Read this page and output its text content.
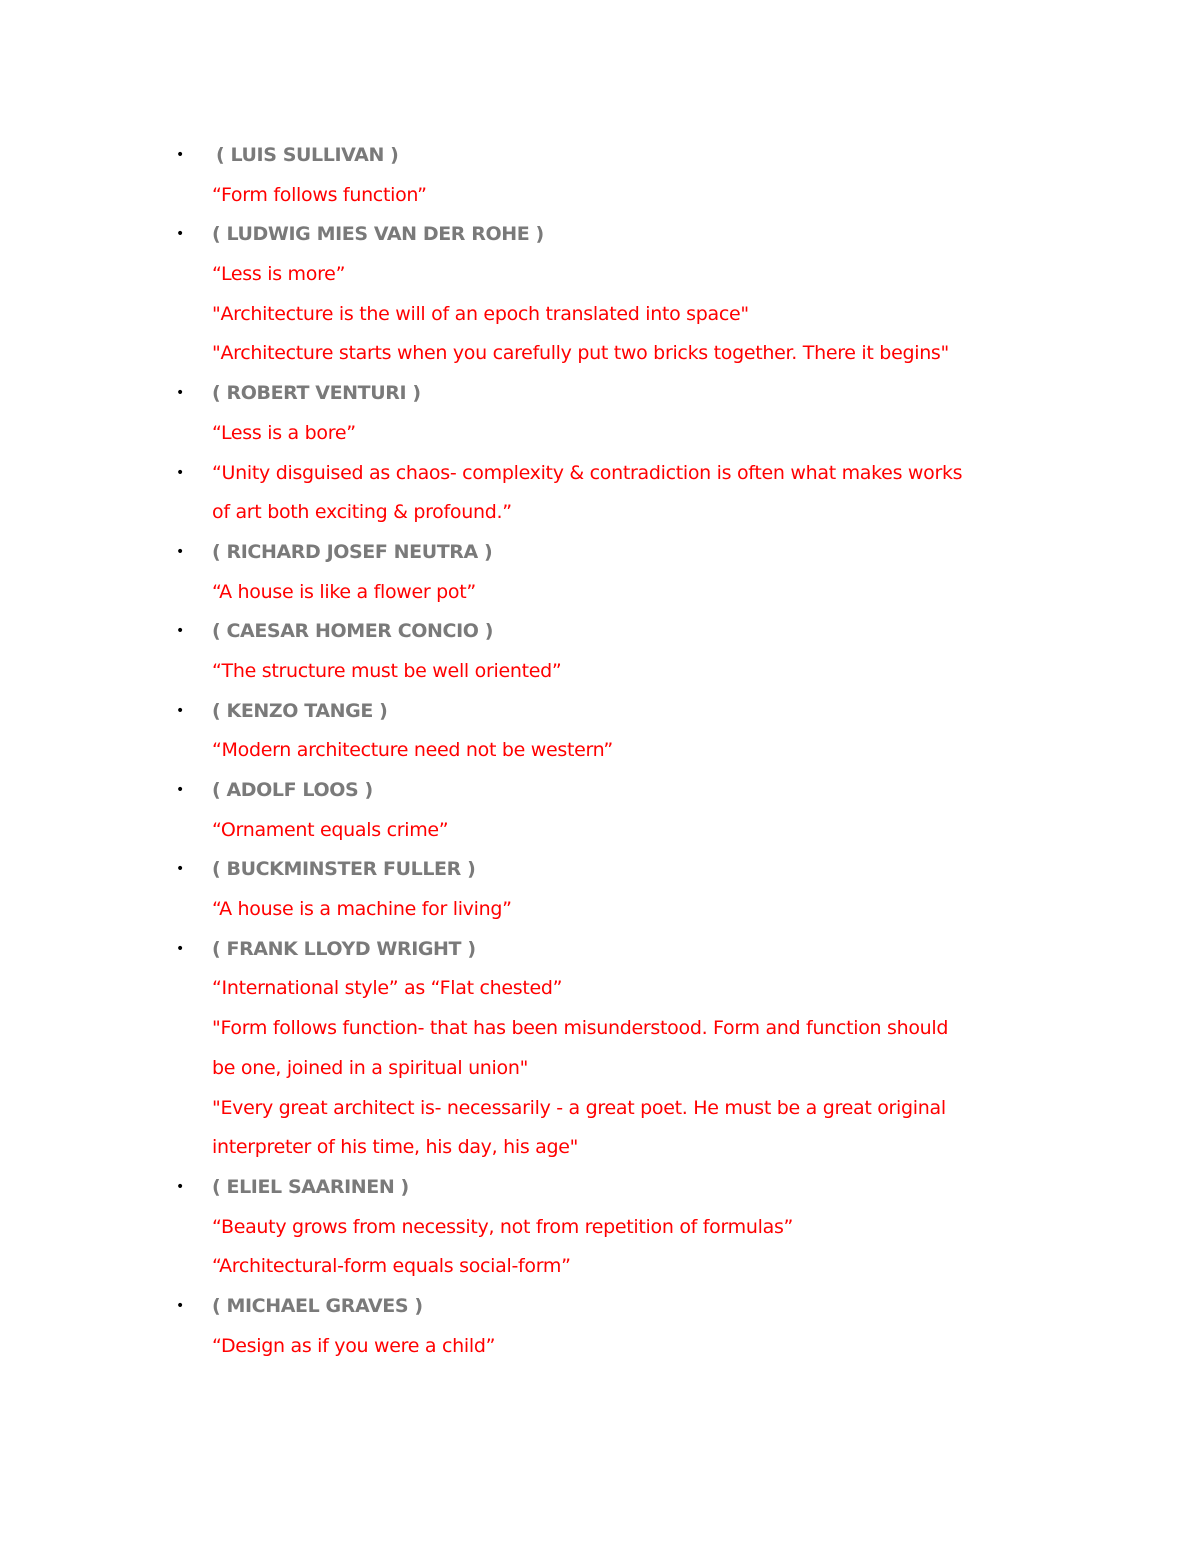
• ( LUIS SULLIVAN )
“Form follows function”
• ( LUDWIG MIES VAN DER ROHE )
“Less is more”
"Architecture is the will of an epoch translated into space"
"Architecture starts when you carefully put two bricks together. There it begins"
• ( ROBERT VENTURI )
“Less is a bore”
• “Unity disguised as chaos- complexity & contradiction is often what makes works
of art both exciting & profound.”
• ( RICHARD JOSEF NEUTRA )
“A house is like a flower pot”
• ( CAESAR HOMER CONCIO )
“The structure must be well oriented”
• ( KENZO TANGE )
“Modern architecture need not be western”
• ( ADOLF LOOS )
“Ornament equals crime”
• ( BUCKMINSTER FULLER )
“A house is a machine for living”
• ( FRANK LLOYD WRIGHT )
“International style” as “Flat chested”
"Form follows function- that has been misunderstood. Form and function should
be one, joined in a spiritual union"
"Every great architect is- necessarily - a great poet. He must be a great original
interpreter of his time, his day, his age"
• ( ELIEL SAARINEN )
“Beauty grows from necessity, not from repetition of formulas”
“Architectural-form equals social-form”
• ( MICHAEL GRAVES )
“Design as if you were a child”
